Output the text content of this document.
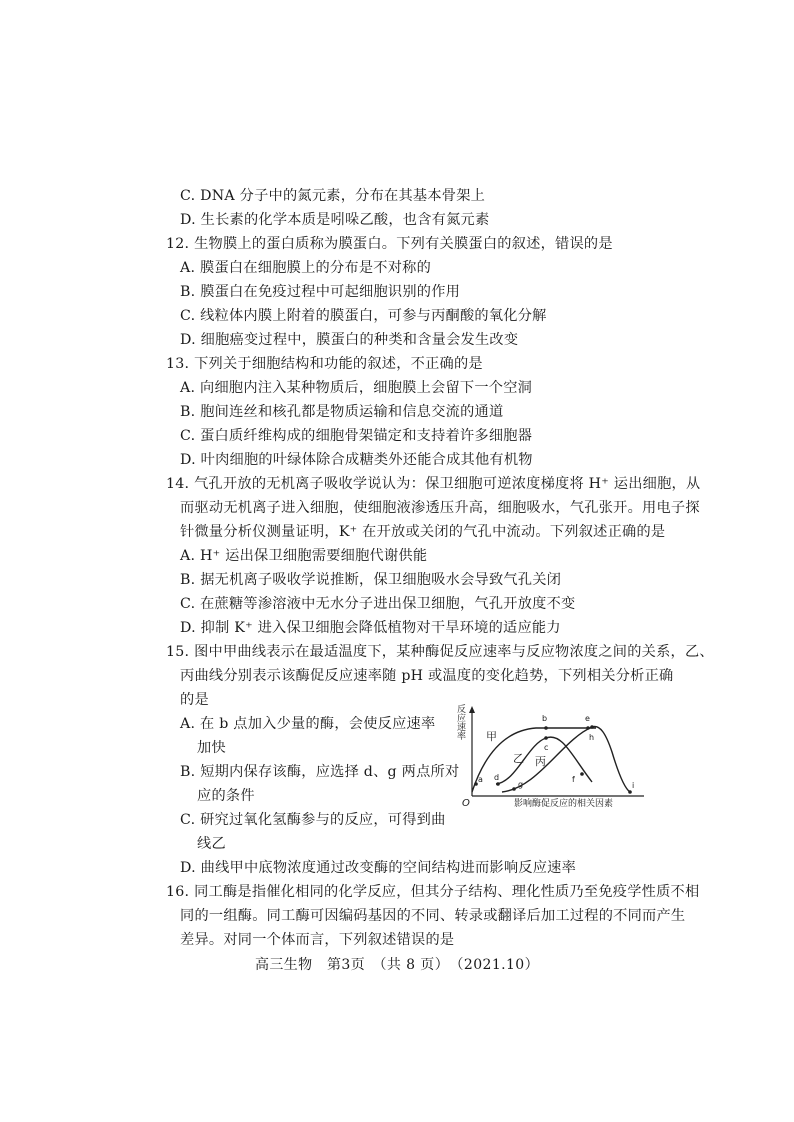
C. DNA 分子中的氮元素，分布在其基本骨架上
D. 生长素的化学本质是吲哚乙酸，也含有氮元素
12. 生物膜上的蛋白质称为膜蛋白。下列有关膜蛋白的叙述，错误的是
A. 膜蛋白在细胞膜上的分布是不对称的
B. 膜蛋白在免疫过程中可起细胞识别的作用
C. 线粒体内膜上附着的膜蛋白，可参与丙酮酸的氧化分解
D. 细胞癌变过程中，膜蛋白的种类和含量会发生改变
13. 下列关于细胞结构和功能的叙述，不正确的是
A. 向细胞内注入某种物质后，细胞膜上会留下一个空洞
B. 胞间连丝和核孔都是物质运输和信息交流的通道
C. 蛋白质纤维构成的细胞骨架锚定和支持着许多细胞器
D. 叶肉细胞的叶绿体除合成糖类外还能合成其他有机物
14. 气孔开放的无机离子吸收学说认为：保卫细胞可逆浓度梯度将 H⁺ 运出细胞，从
而驱动无机离子进入细胞，使细胞液渗透压升高，细胞吸水，气孔张开。用电子探
针微量分析仪测量证明，K⁺ 在开放或关闭的气孔中流动。下列叙述正确的是
A. H⁺ 运出保卫细胞需要细胞代谢供能
B. 据无机离子吸收学说推断，保卫细胞吸水会导致气孔关闭
C. 在蔗糖等渗溶液中无水分子进出保卫细胞，气孔开放度不变
D. 抑制 K⁺ 进入保卫细胞会降低植物对干旱环境的适应能力
15. 图中甲曲线表示在最适温度下，某种酶促反应速率与反应物浓度之间的关系，乙、
丙曲线分别表示该酶促反应速率随 pH 或温度的变化趋势，下列相关分析正确
的是
A. 在 b 点加入少量的酶，会使反应速率
加快
B. 短期内保存该酶，应选择 d、g 两点所对
应的条件
C. 研究过氧化氢酶参与的反应，可得到曲
线乙
D. 曲线甲中底物浓度通过改变酶的空间结构进而影响反应速率
16. 同工酶是指催化相同的化学反应，但其分子结构、理化性质乃至免疫学性质不相
同的一组酶。同工酶可因编码基因的不同、转录或翻译后加工过程的不同而产生
差异。对同一个体而言，下列叙述错误的是
反应速率
O	影响酶促反应的相关因素
甲
乙 丙
a
b
c
d
e
f
g
h
i
高三生物　第3页　（共 8 页）　（2021.10）
